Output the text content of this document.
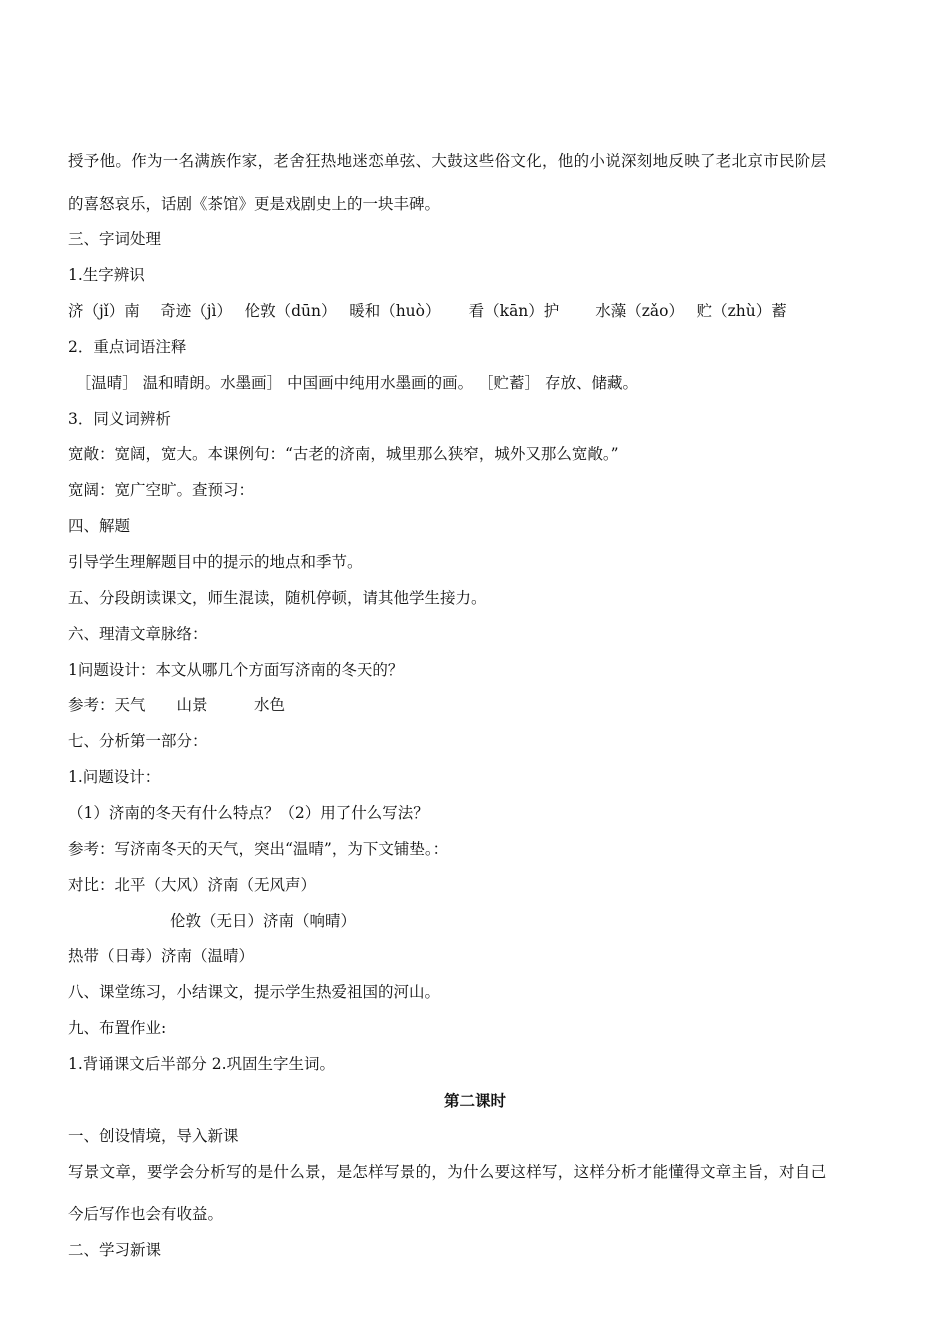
授予他。作为一名满族作家，老舍狂热地迷恋单弦、大鼓这些俗文化，他的小说深刻地反映了老北京市民阶层
的喜怒哀乐，话剧《茶馆》更是戏剧史上的一块丰碑。
三、字词处理
1.生字辨识
济（jǐ）南　 奇迹（jì）　 伦敦（dūn）　 暖和（huò）　　 看（kān）护　　 水藻（zǎo）　 贮（zhù）蓄
2．重点词语注释
　［温晴］ 温和晴朗。水墨画］ 中国画中纯用水墨画的画。 ［贮蓄］ 存放、储藏。
3．同义词辨析
宽敞：宽阔，宽大。本课例句：“古老的济南，城里那么狭窄，城外又那么宽敞。”
宽阔：宽广空旷。查预习：
四、解题
引导学生理解题目中的提示的地点和季节。
五、分段朗读课文，师生混读，随机停顿，请其他学生接力。
六、理清文章脉络：
1问题设计：本文从哪几个方面写济南的冬天的？
参考：天气　　山景　　　水色
七、分析第一部分：
1.问题设计：
（1）济南的冬天有什么特点？（2）用了什么写法？
参考：写济南冬天的天气，突出“温晴”，为下文铺垫。：
对比：北平（大风）济南（无风声）
伦敦（无日）济南（响晴）
热带（日毒）济南（温晴）
八、课堂练习，小结课文，提示学生热爱祖国的河山。
九、布置作业:
1.背诵课文后半部分 2.巩固生字生词。
第二课时
一、创设情境，导入新课
写景文章，要学会分析写的是什么景，是怎样写景的，为什么要这样写，这样分析才能懂得文章主旨，对自己
今后写作也会有收益。
二、学习新课
